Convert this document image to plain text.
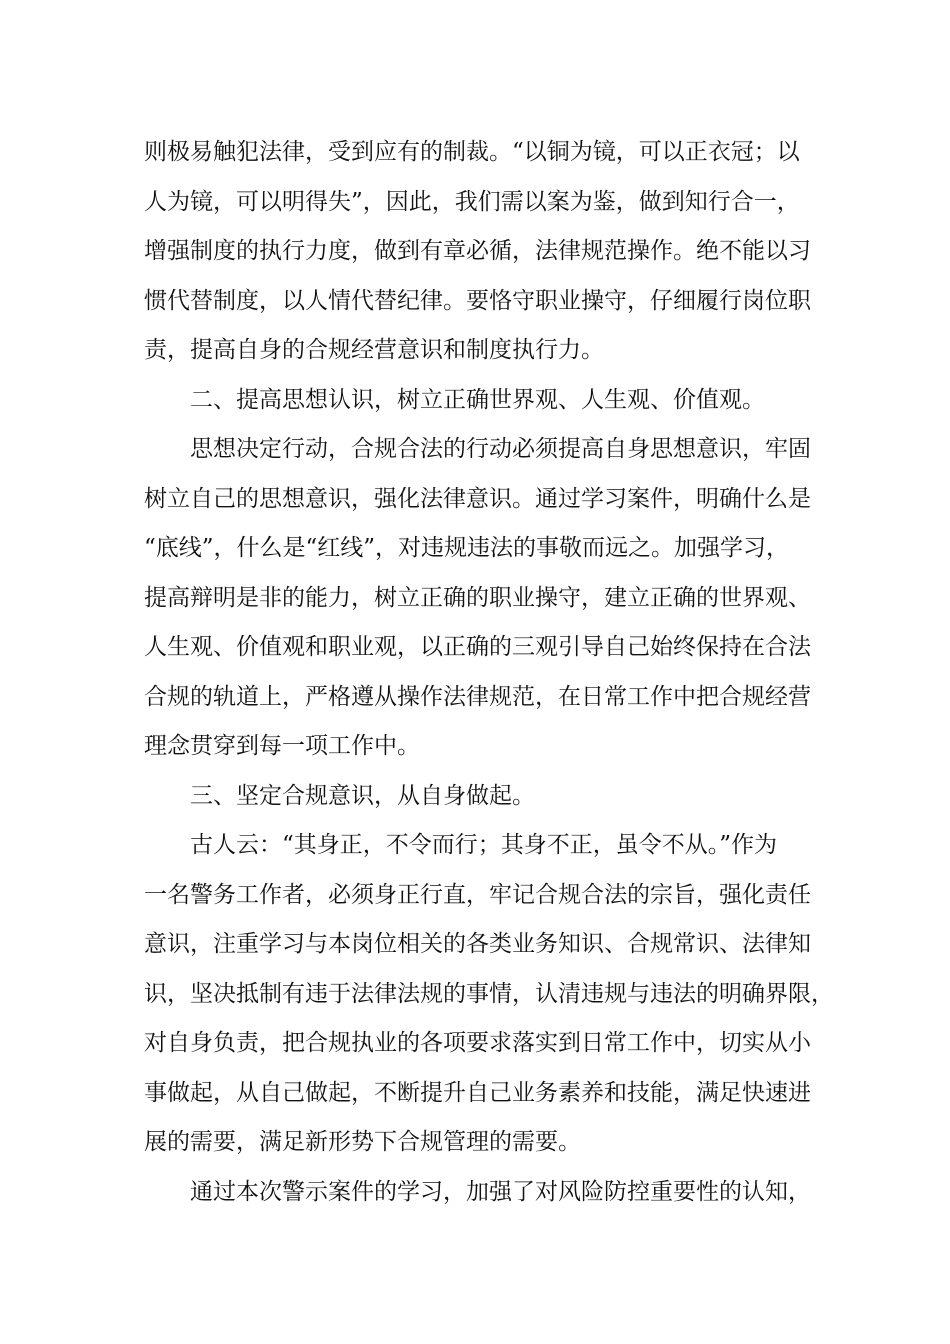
则极易触犯法律，受到应有的制裁。“以铜为镜，可以正衣冠；以
人为镜，可以明得失”，因此，我们需以案为鉴，做到知行合一，
增强制度的执行力度，做到有章必循，法律规范操作。绝不能以习
惯代替制度，以人情代替纪律。要恪守职业操守，仔细履行岗位职
责，提高自身的合规经营意识和制度执行力。
二、提高思想认识，树立正确世界观、人生观、价值观。
思想决定行动，合规合法的行动必须提高自身思想意识，牢固
树立自己的思想意识，强化法律意识。通过学习案件，明确什么是
“底线”，什么是“红线”，对违规违法的事敬而远之。加强学习，
提高辩明是非的能力，树立正确的职业操守，建立正确的世界观、
人生观、价值观和职业观，以正确的三观引导自己始终保持在合法
合规的轨道上，严格遵从操作法律规范，在日常工作中把合规经营
理念贯穿到每一项工作中。
三、坚定合规意识，从自身做起。
古人云：“其身正，不令而行；其身不正，虽令不从。”作为
一名警务工作者，必须身正行直，牢记合规合法的宗旨，强化责任
意识，注重学习与本岗位相关的各类业务知识、合规常识、法律知
识，坚决抵制有违于法律法规的事情，认清违规与违法的明确界限，
对自身负责，把合规执业的各项要求落实到日常工作中，切实从小
事做起，从自己做起，不断提升自己业务素养和技能，满足快速进
展的需要，满足新形势下合规管理的需要。
通过本次警示案件的学习，加强了对风险防控重要性的认知，
